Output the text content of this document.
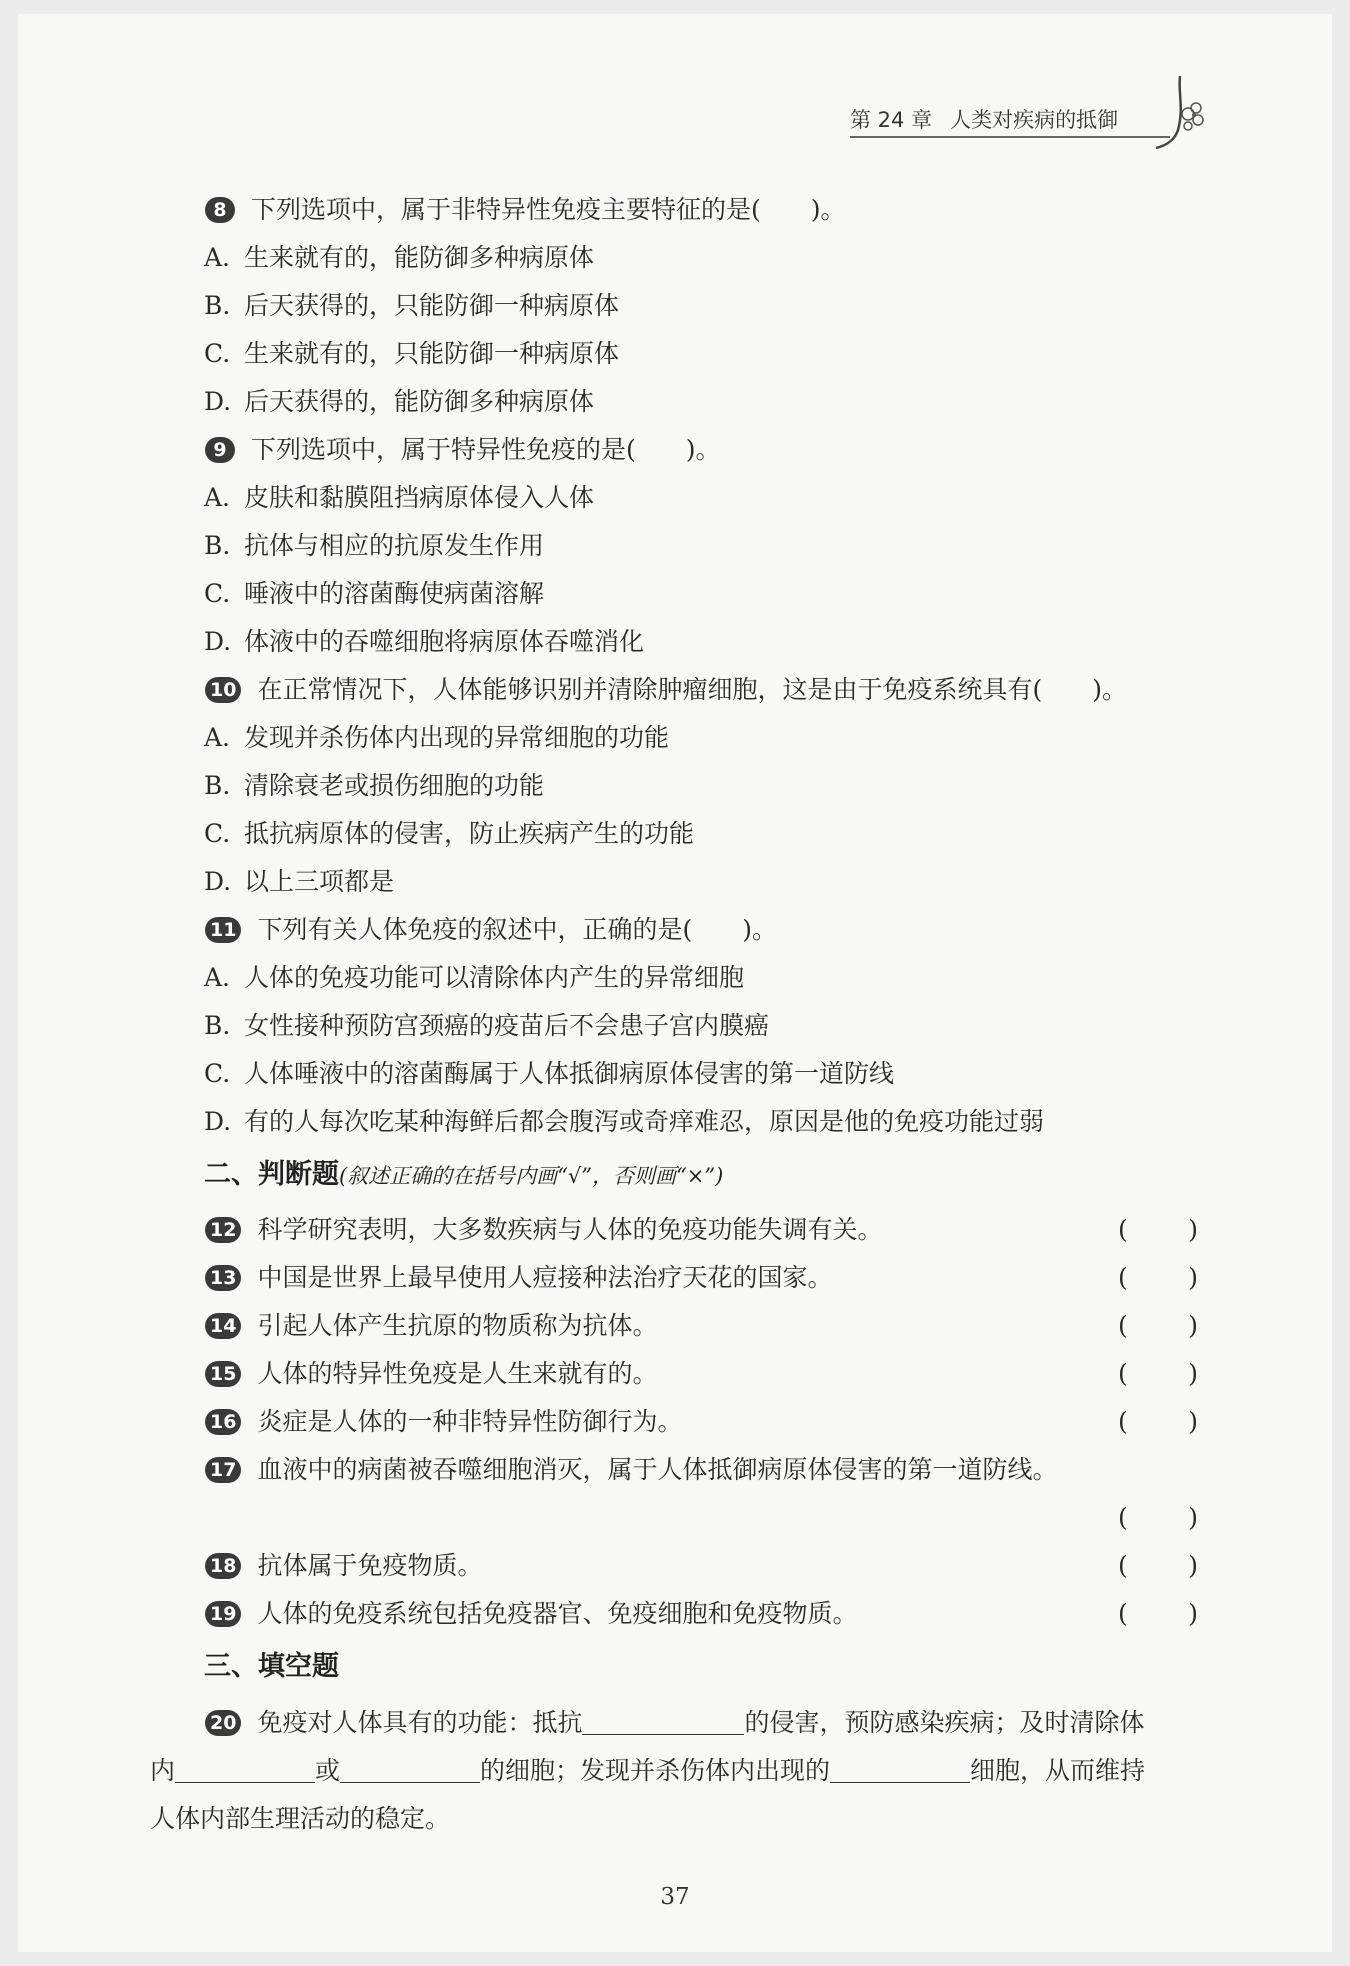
第 24 章 人类对疾病的抵御
8 下列选项中，属于非特异性免疫主要特征的是(　　)。
A. 生来就有的，能防御多种病原体
B. 后天获得的，只能防御一种病原体
C. 生来就有的，只能防御一种病原体
D. 后天获得的，能防御多种病原体
9 下列选项中，属于特异性免疫的是(　　)。
A. 皮肤和黏膜阻挡病原体侵入人体
B. 抗体与相应的抗原发生作用
C. 唾液中的溶菌酶使病菌溶解
D. 体液中的吞噬细胞将病原体吞噬消化
10 在正常情况下，人体能够识别并清除肿瘤细胞，这是由于免疫系统具有(　　)。
A. 发现并杀伤体内出现的异常细胞的功能
B. 清除衰老或损伤细胞的功能
C. 抵抗病原体的侵害，防止疾病产生的功能
D. 以上三项都是
11 下列有关人体免疫的叙述中，正确的是(　　)。
A. 人体的免疫功能可以清除体内产生的异常细胞
B. 女性接种预防宫颈癌的疫苗后不会患子宫内膜癌
C. 人体唾液中的溶菌酶属于人体抵御病原体侵害的第一道防线
D. 有的人每次吃某种海鲜后都会腹泻或奇痒难忍，原因是他的免疫功能过弱
二、判断题(叙述正确的在括号内画“√”，否则画“×”)
12 科学研究表明，大多数疾病与人体的免疫功能失调有关。	( )
13 中国是世界上最早使用人痘接种法治疗天花的国家。	( )
14 引起人体产生抗原的物质称为抗体。	( )
15 人体的特异性免疫是人生来就有的。	( )
16 炎症是人体的一种非特异性防御行为。	( )
17 血液中的病菌被吞噬细胞消灭，属于人体抵御病原体侵害的第一道防线。
( )
18 抗体属于免疫物质。	( )
19 人体的免疫系统包括免疫器官、免疫细胞和免疫物质。	( )
三、填空题
20 免疫对人体具有的功能：抵抗	的侵害，预防感染疾病；及时清除体
内	或	的细胞；发现并杀伤体内出现的	细胞，从而维持
人体内部生理活动的稳定。
37
